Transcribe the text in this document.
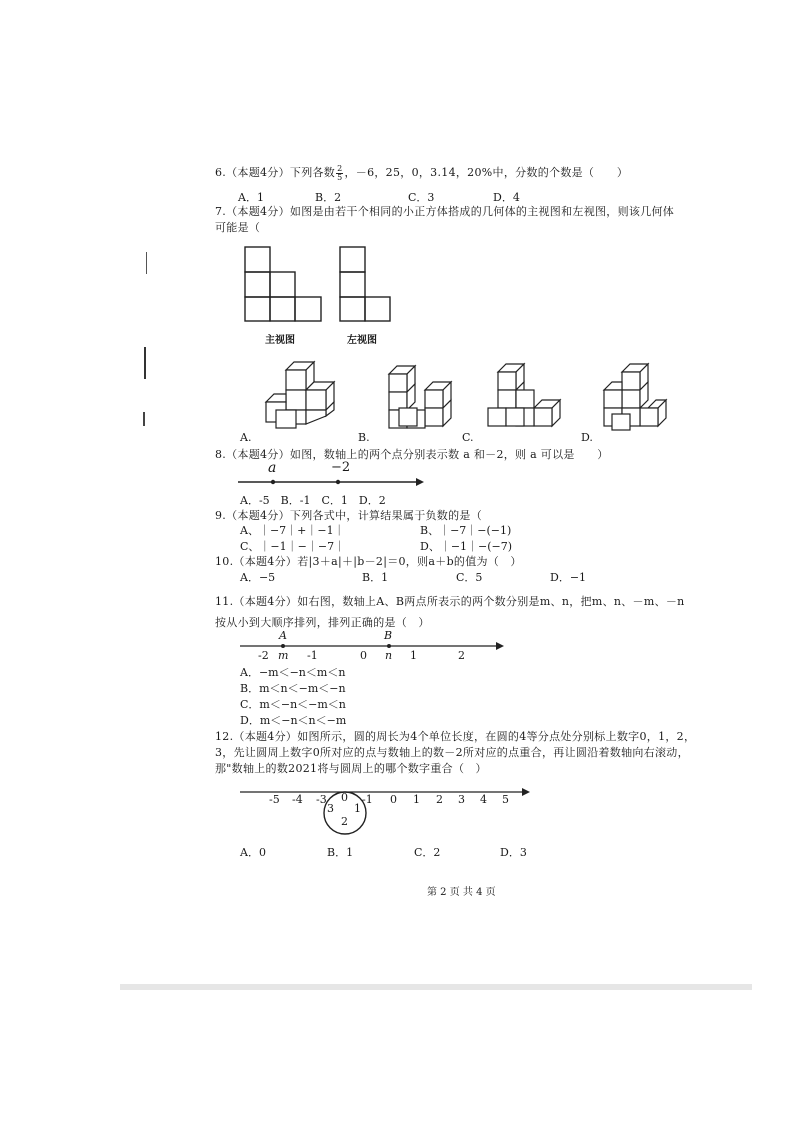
6.（本题4分）下列各数 $\frac{2}{5}$ ，－6，25，0，3.14，20%中，分数的个数是（　　）
A．1	B．2	C．3	D．4
7.（本题4分）如图是由若干个相同的小正方体搭成的几何体的主视图和左视图，则该几何体
可能是（
主视图	左视图
A.	B.	C.	D.
8.（本题4分）如图，数轴上的两个点分别表示数 a 和－2，则 a 可以是　　）
a	−2
A．-5　B．-1　C．1　D．2
9.（本题4分）下列各式中，计算结果属于负数的是（
A、｜−7｜+｜−1｜	B、｜−7｜−(−1)
C、｜−1｜−｜−7｜	D、｜−1｜−(−7)
10.（本题4分）若|3＋a|＋|b－2|＝0，则a＋b的值为（　）
A．−5	B．1	C．5	D．−1
11.（本题4分）如右图，数轴上A、B两点所表示的两个数分别是m、n，把m、n、－m、－n
按从小到大顺序排列，排列正确的是（　）
A	B
-2 m -1	0 n 1	2
A．−m＜−n＜m＜n
B．m＜n＜−m＜−n
C．m＜−n＜−m＜n
D．m＜−n＜n＜−m
12.（本题4分）如图所示，圆的周长为4个单位长度，在圆的4等分点处分别标上数字0，1，2，
3，先让圆周上数字0所对应的点与数轴上的数－2所对应的点重合，再让圆沿着数轴向右滚动，
那"数轴上的数2021将与圆周上的哪个数字重合（　）
-5 -4 -3 0 -1 0 1 2 3 4 5
3 1
2
A．0	B．1	C．2	D．3
第 2 页 共 4 页
